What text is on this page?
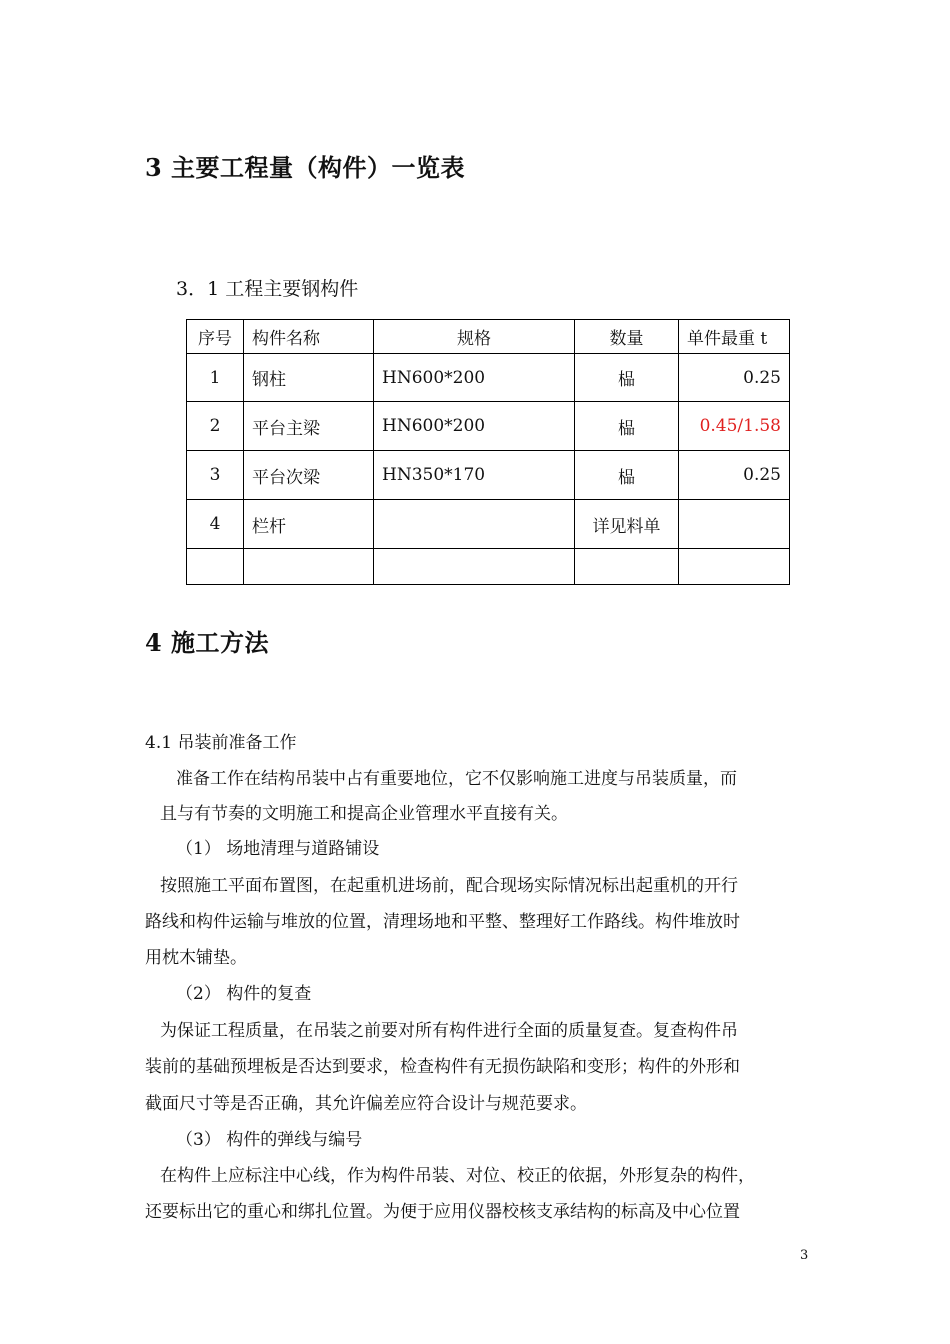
3 主要工程量（构件）一览表
3．1 工程主要钢构件
序号	构件名称	规格	数量	单件最重 t
1	钢柱	HN600*200	榀	0.25
2	平台主梁	HN600*200	榀	0.45/1.58
3	平台次梁	HN350*170	榀	0.25
4	栏杆		详见料单	

4 施工方法
4.1 吊装前准备工作
准备工作在结构吊装中占有重要地位，它不仅影响施工进度与吊装质量，而
且与有节奏的文明施工和提高企业管理水平直接有关。
（1） 场地清理与道路铺设
按照施工平面布置图，在起重机进场前，配合现场实际情况标出起重机的开行
路线和构件运输与堆放的位置，清理场地和平整、整理好工作路线。构件堆放时
用枕木铺垫。
（2） 构件的复查
为保证工程质量，在吊装之前要对所有构件进行全面的质量复查。复查构件吊
装前的基础预埋板是否达到要求，检查构件有无损伤缺陷和变形；构件的外形和
截面尺寸等是否正确，其允许偏差应符合设计与规范要求。
（3） 构件的弹线与编号
在构件上应标注中心线，作为构件吊装、对位、校正的依据，外形复杂的构件，
还要标出它的重心和绑扎位置。为便于应用仪器校核支承结构的标高及中心位置
3
